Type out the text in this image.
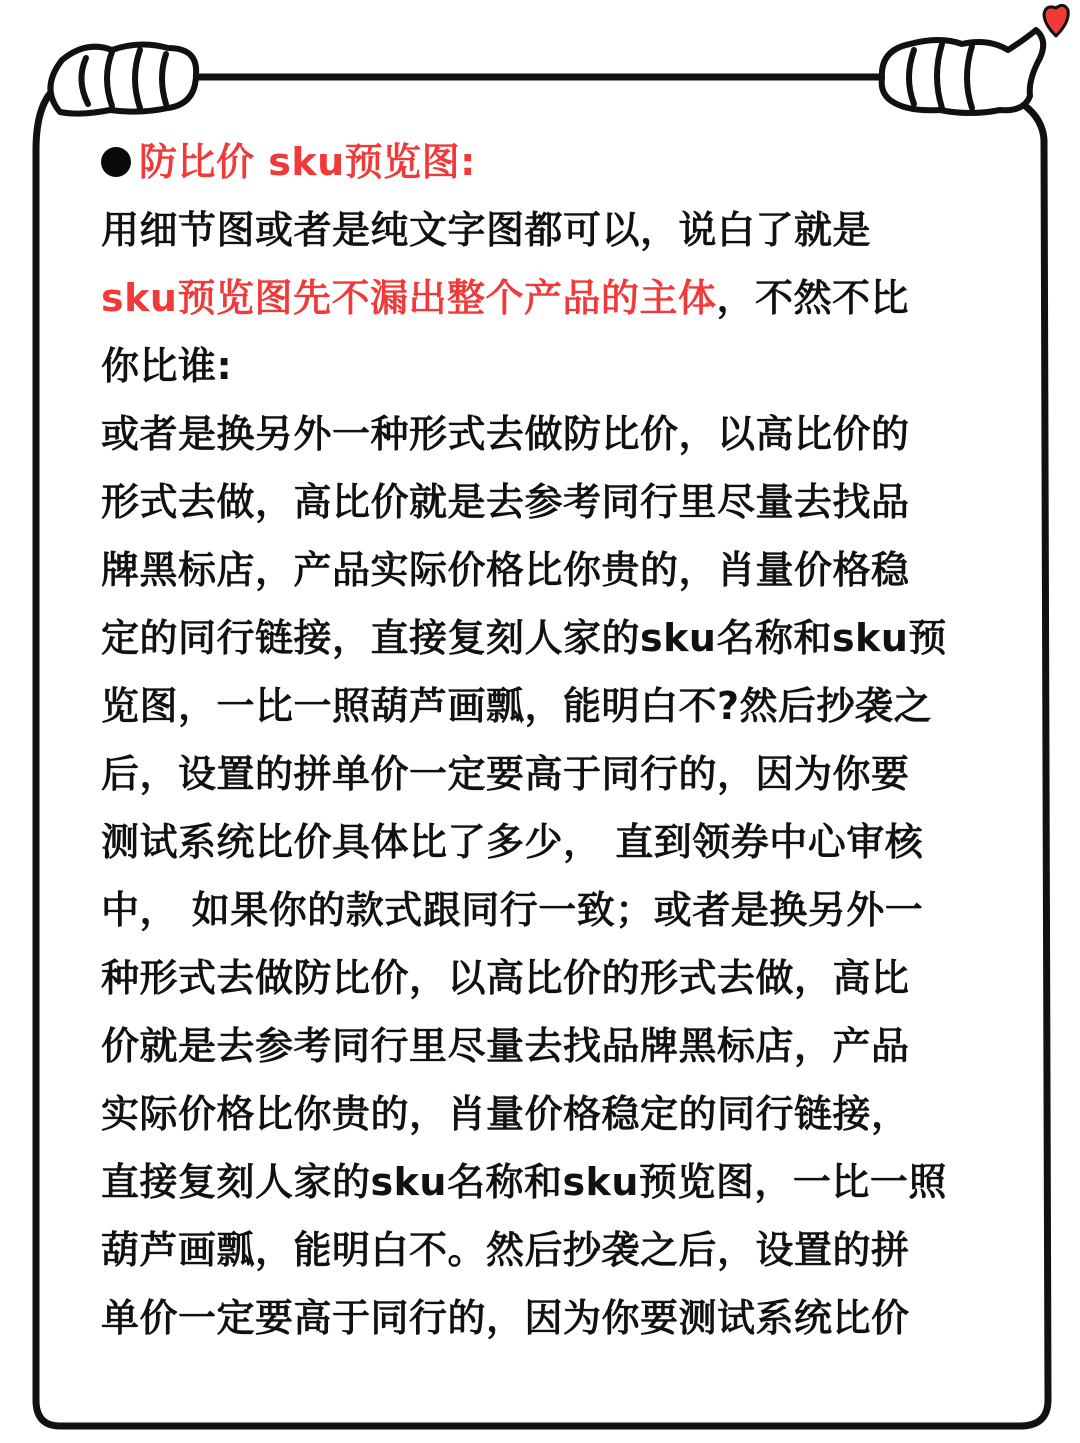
防比价 sku预览图:
用细节图或者是纯文字图都可以，说白了就是
sku预览图先不漏出整个产品的主体，不然不比
你比谁:
或者是换另外一种形式去做防比价，以高比价的
形式去做，高比价就是去参考同行里尽量去找品
牌黑标店，产品实际价格比你贵的，肖量价格稳
定的同行链接，直接复刻人家的sku名称和sku预
览图，一比一照葫芦画瓢，能明白不?然后抄袭之
后，设置的拼单价一定要高于同行的，因为你要
测试系统比价具体比了多少， 直到领券中心审核
中， 如果你的款式跟同行一致；或者是换另外一
种形式去做防比价，以高比价的形式去做，高比
价就是去参考同行里尽量去找品牌黑标店，产品
实际价格比你贵的，肖量价格稳定的同行链接，
直接复刻人家的sku名称和sku预览图，一比一照
葫芦画瓢，能明白不。然后抄袭之后，设置的拼
单价一定要高于同行的，因为你要测试系统比价
